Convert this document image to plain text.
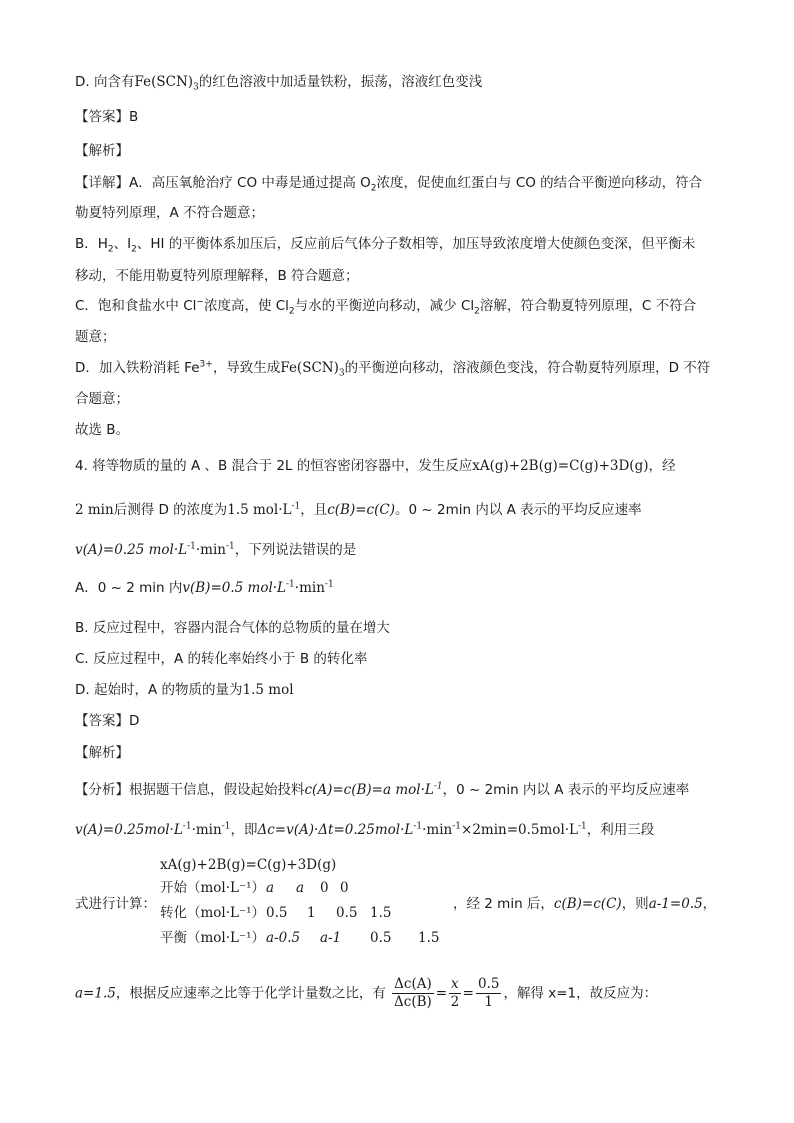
D. 向含有$Fe(SCN)_3$的红色溶液中加适量铁粉，振荡，溶液红色变浅
【答案】B
【解析】
【详解】A．高压氧舱治疗 CO 中毒是通过提高 $O_2$浓度，促使血红蛋白与 CO 的结合平衡逆向移动，符合
勒夏特列原理，A 不符合题意；
B．$H_2$、$I_2$、HI 的平衡体系加压后，反应前后气体分子数相等，加压导致浓度增大使颜色变深，但平衡未
移动，不能用勒夏特列原理解释，B 符合题意；
C．饱和食盐水中 Cl−浓度高，使 $Cl_2$与水的平衡逆向移动，减少 $Cl_2$溶解，符合勒夏特列原理，C 不符合
题意；
D．加入铁粉消耗 $Fe^{3+}$，导致生成$Fe(SCN)_3$的平衡逆向移动，溶液颜色变浅，符合勒夏特列原理，D 不符
合题意；
故选 B。
4. 将等物质的量的 A 、B 混合于 2L 的恒容密闭容器中，发生反应xA(g)+2B(g)=C(g)+3D(g)，经
2 min后测得 D 的浓度为1.5 $mol\cdot L^{-1}$，且c(B)=c(C)。0 ~ 2min 内以 A 表示的平均反应速率
v(A)=0.25 $mol\cdot L^{-1}\cdot\min^{-1}$，下列说法错误的是
A．0 ~ 2 min 内v(B)=0.5 $mol\cdot L^{-1}\cdot\min^{-1}$
B. 反应过程中，容器内混合气体的总物质的量在增大
C. 反应过程中，A 的转化率始终小于 B 的转化率
D. 起始时，A 的物质的量为1.5 mol
【答案】D
【解析】
【分析】根据题干信息，假设起始投料c(A)=c(B)=a $mol\cdot L^{-1}$，0 ~ 2min 内以 A 表示的平均反应速率
$v(A)=0.25mol\cdot L^{-1}\cdot\min^{-1}$，即$\Delta c=v(A)\cdot\Delta t=0.25mol\cdot L^{-1}\cdot\min^{-1}\times 2\min=0.5mol\cdot L^{-1}$，利用三段
xA(g)+2B(g)=C(g)+3D(g)
开始（mol·L⁻¹） a a 0 0
转化（mol·L⁻¹） 0.5 1 0.5 1.5
平衡（mol·L⁻¹） a-0.5 a-1 0.5 1.5
式进行计算：	，经 2 min 后，c(B)=c(C)，则a-1=0.5，
a=1.5，根据反应速率之比等于化学计量数之比，有 $\frac{\Delta c(A)}{\Delta c(B)} = \frac{x}{2} = \frac{0.5}{1}$ ，解得 x=1，故反应为：
